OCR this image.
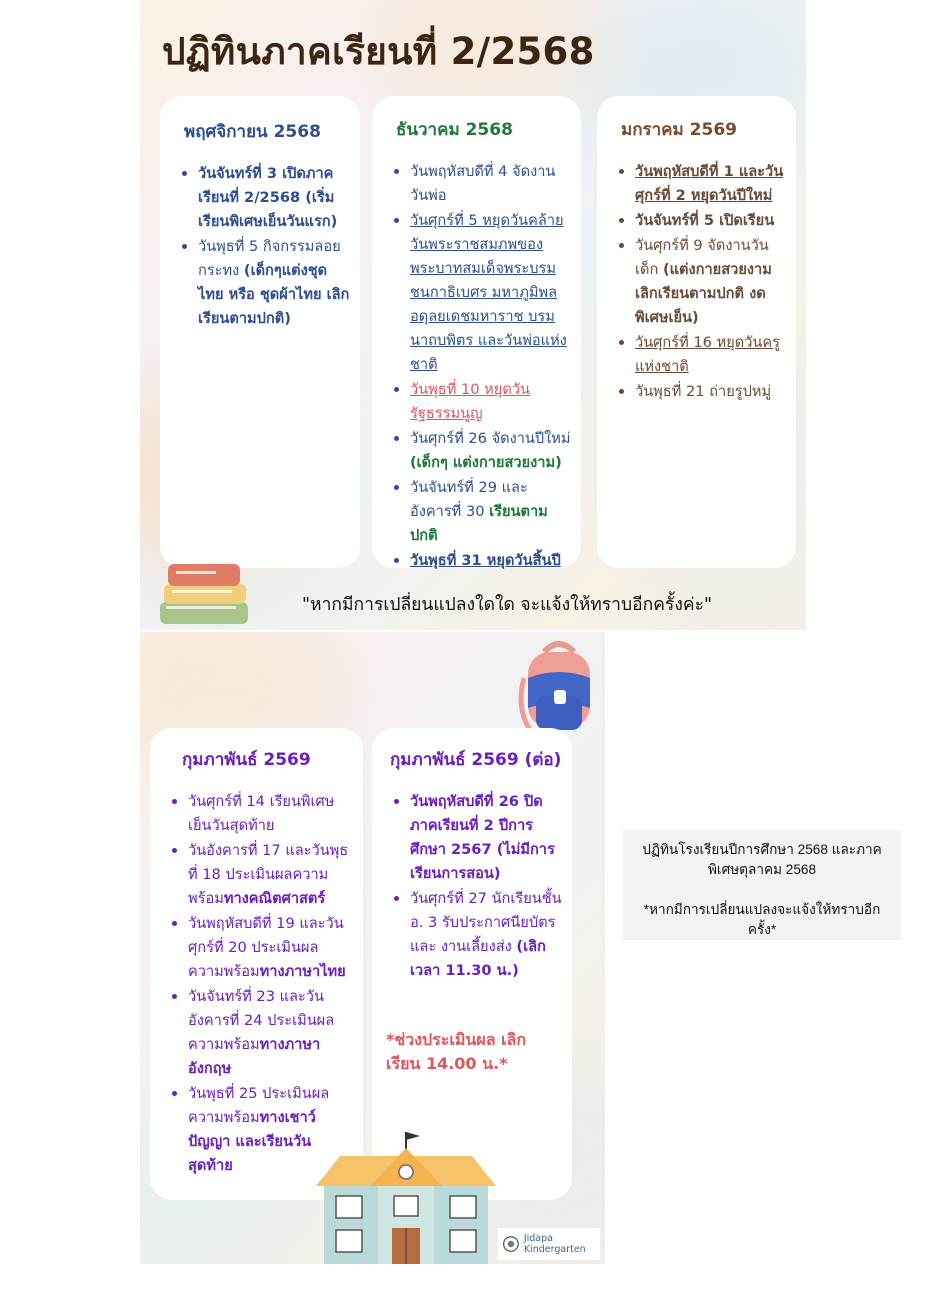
ปฏิทินภาคเรียนที่ 2/2568
พฤศจิกายน 2568
• วันจันทร์ที่ 3 เปิดภาคเรียนที่ 2/2568 (เริ่มเรียนพิเศษเย็นวันแรก)
• วันพุธที่ 5 กิจกรรมลอยกระทง (เด็กๆแต่งชุดไทย หรือ ชุดผ้าไทย เลิกเรียนตามปกติ)
ธันวาคม 2568
• วันพฤหัสบดีที่ 4 จัดงานวันพ่อ
• วันศุกร์ที่ 5 หยุดวันคล้ายวันพระราชสมภพของพระบาทสมเด็จพระบรมชนกาธิเบศร มหาภูมิพลอดุลยเดชมหาราช บรมนาถบพิตร และวันพ่อแห่งชาติ
• วันพุธที่ 10 หยุดวันรัฐธรรมนูญ
• วันศุกร์ที่ 26 จัดงานปีใหม่ (เด็กๆ แต่งกายสวยงาม)
• วันจันทร์ที่ 29 และ อังคารที่ 30 เรียนตามปกติ
• วันพุธที่ 31 หยุดวันสิ้นปี
มกราคม 2569
• วันพฤหัสบดีที่ 1 และวันศุกร์ที่ 2 หยุดวันปีใหม่
• วันจันทร์ที่ 5 เปิดเรียน
• วันศุกร์ที่ 9 จัดงานวันเด็ก (แต่งกายสวยงาม เลิกเรียนตามปกติ งดพิเศษเย็น)
• วันศุกร์ที่ 16 หยุดวันครูแห่งชาติ
• วันพุธที่ 21 ถ่ายรูปหมู่
"หากมีการเปลี่ยนแปลงใดใด จะแจ้งให้ทราบอีกครั้งค่ะ"
กุมภาพันธ์ 2569
• วันศุกร์ที่ 14 เรียนพิเศษเย็นวันสุดท้าย
• วันอังคารที่ 17 และวันพุธที่ 18 ประเมินผลความพร้อมทางคณิตศาสตร์
• วันพฤหัสบดีที่ 19 และวันศุกร์ที่ 20 ประเมินผลความพร้อมทางภาษาไทย
• วันจันทร์ที่ 23 และวันอังคารที่ 24 ประเมินผลความพร้อมทางภาษาอังกฤษ
• วันพุธที่ 25 ประเมินผลความพร้อมทางเชาว์ปัญญา และเรียนวันสุดท้าย
กุมภาพันธ์ 2569 (ต่อ)
• วันพฤหัสบดีที่ 26 ปิดภาคเรียนที่ 2 ปีการศึกษา 2567 (ไม่มีการเรียนการสอน)
• วันศุกร์ที่ 27 นักเรียนชั้นอ. 3 รับประกาศนียบัตร และ งานเลี้ยงส่ง (เลิกเวลา 11.30 น.)
*ช่วงประเมินผล เลิกเรียน 14.00 น.*
Jidapa Kindergarten

ปฏิทินโรงเรียนปีการศึกษา 2568 และภาคพิเศษตุลาคม 2568

*หากมีการเปลี่ยนแปลงจะแจ้งให้ทราบอีกครั้ง*
